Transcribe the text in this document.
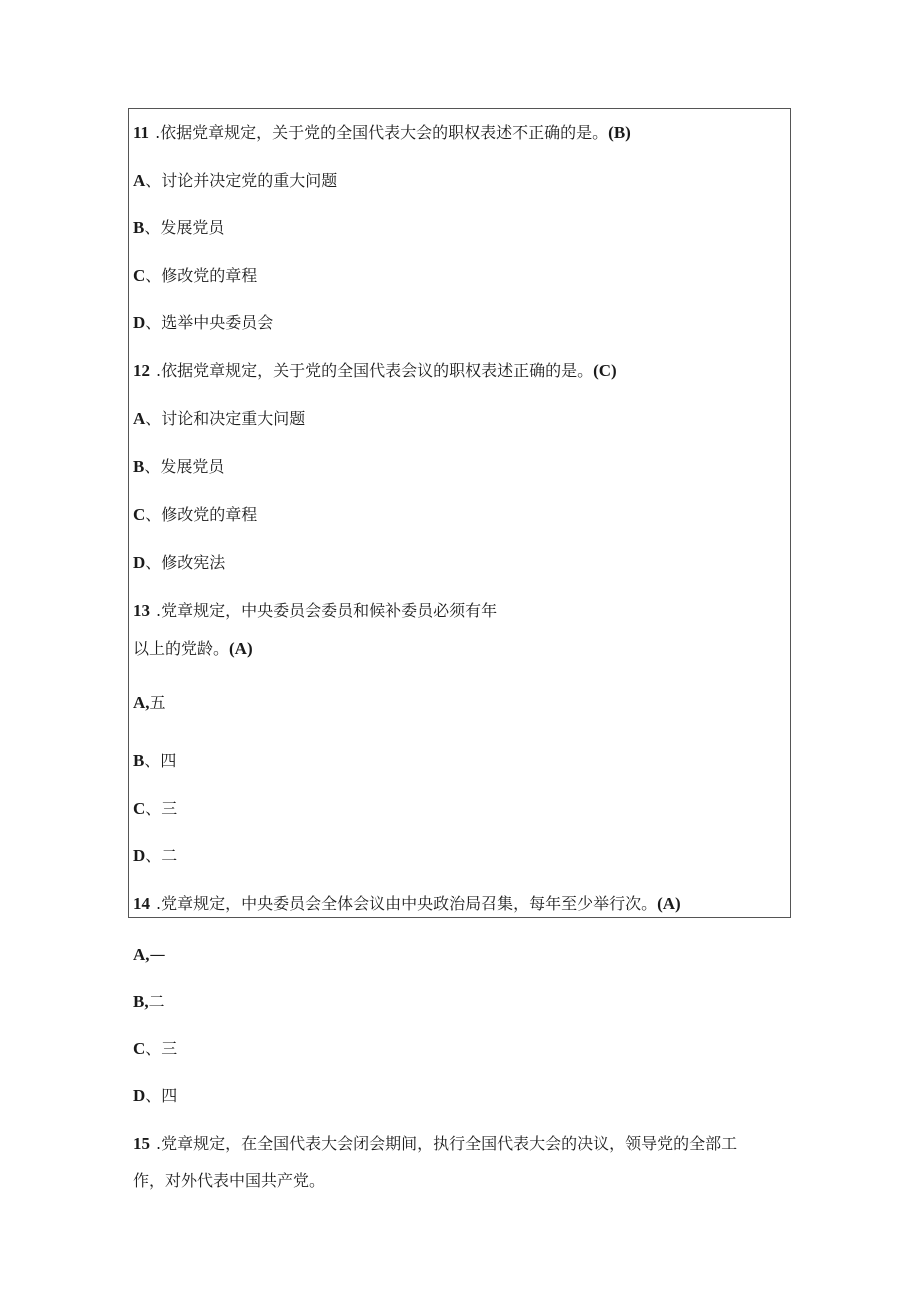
11 .依据党章规定，关于党的全国代表大会的职权表述不正确的是。(B)
A、讨论并决定党的重大问题
B、发展党员
C、修改党的章程
D、选举中央委员会
12 .依据党章规定，关于党的全国代表会议的职权表述正确的是。(C)
A、讨论和决定重大问题
B、发展党员
C、修改党的章程
D、修改宪法
13 .党章规定，中央委员会委员和候补委员必须有年
以上的党龄。(A)
A,五
B、四
C、三
D、二
14 .党章规定，中央委员会全体会议由中央政治局召集，每年至少举行次。(A)
A,—
B,二
C、三
D、四
15 .党章规定，在全国代表大会闭会期间，执行全国代表大会的决议，领导党的全部工
作，对外代表中国共产党。
